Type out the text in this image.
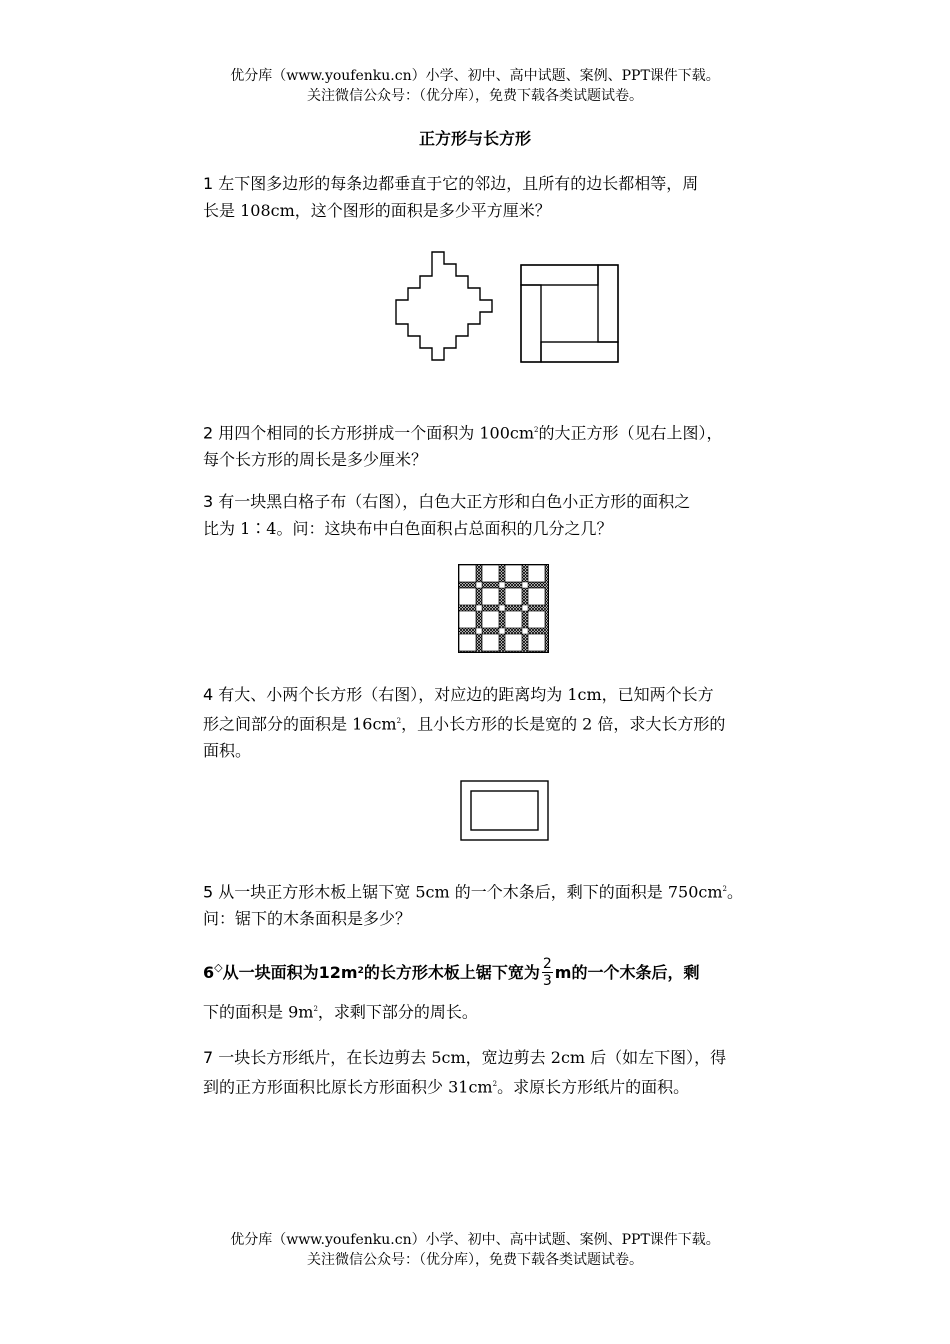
优分库（www.youfenku.cn）小学、初中、高中试题、案例、PPT课件下载。
关注微信公众号：（优分库），免费下载各类试题试卷。
正方形与长方形
1 左下图多边形的每条边都垂直于它的邻边，且所有的边长都相等，周
长是 108cm，这个图形的面积是多少平方厘米？
2 用四个相同的长方形拼成一个面积为 $100cm^2$的大正方形（见右上图），
每个长方形的周长是多少厘米？
3 有一块黑白格子布（右图），白色大正方形和白色小正方形的面积之
比为 1∶4。问：这块布中白色面积占总面积的几分之几？
4 有大、小两个长方形（右图），对应边的距离均为 1cm，已知两个长方
形之间部分的面积是 $16cm^2$，且小长方形的长是宽的 2 倍，求大长方形的
面积。
5 从一块正方形木板上锯下宽 5cm 的一个木条后，剩下的面积是 $750cm^2$。
问：锯下的木条面积是多少？
6 ◇ 从一块面积为12m 2 的长方形木板上锯下宽为 $\frac{2}{3}$ m的一个木条后，剩
下的面积是 $9m^2$，求剩下部分的周长。
7 一块长方形纸片，在长边剪去 5cm，宽边剪去 2cm 后（如左下图），得
到的正方形面积比原长方形面积少 $31cm^2$。求原长方形纸片的面积。
优分库（www.youfenku.cn）小学、初中、高中试题、案例、PPT课件下载。
关注微信公众号：（优分库），免费下载各类试题试卷。
